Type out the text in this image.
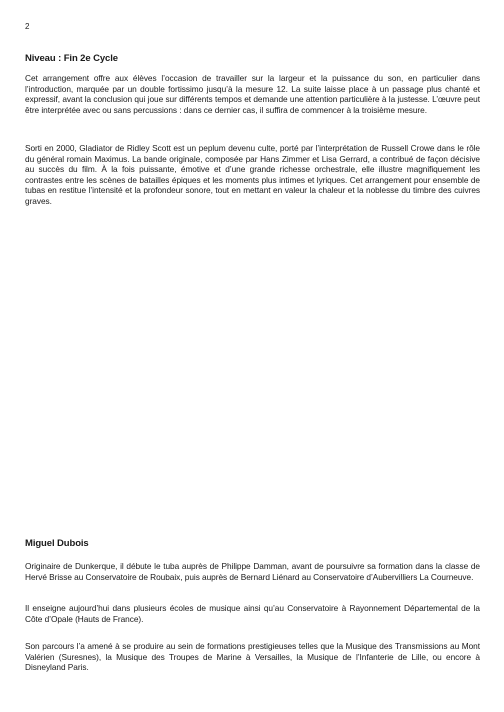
2
Niveau : Fin 2e Cycle
Cet arrangement offre aux élèves l’occasion de travailler sur la largeur et la puissance du son, en particulier dans l’introduction, marquée par un double fortissimo jusqu’à la mesure 12. La suite laisse place à un passage plus chanté et expressif, avant la conclusion qui joue sur différents tempos et demande une attention particulière à la justesse. L’œuvre peut être interprétée avec ou sans percussions : dans ce dernier cas, il suffira de commencer à la troisième mesure.
Sorti en 2000, Gladiator de Ridley Scott est un peplum devenu culte, porté par l’interprétation de Russell Crowe dans le rôle du général romain Maximus. La bande originale, composée par Hans Zimmer et Lisa Gerrard, a contribué de façon décisive au succès du film. À la fois puissante, émotive et d’une grande richesse orchestrale, elle illustre magnifiquement les contrastes entre les scènes de batailles épiques et les moments plus intimes et lyriques. Cet arrangement pour ensemble de tubas en restitue l’intensité et la profondeur sonore, tout en mettant en valeur la chaleur et la noblesse du timbre des cuivres graves.
Miguel Dubois
Originaire de Dunkerque, il débute le tuba auprès de Philippe Damman, avant de poursuivre sa formation dans la classe de Hervé Brisse au Conservatoire de Roubaix, puis auprès de Bernard Liénard au Conservatoire d’Aubervilliers La Courneuve.
Il enseigne aujourd’hui dans plusieurs écoles de musique ainsi qu’au Conservatoire à Rayonnement Départemental de la Côte d’Opale (Hauts de France).
Son parcours l’a amené à se produire au sein de formations prestigieuses telles que la Musique des Transmissions au Mont Valérien (Suresnes), la Musique des Troupes de Marine à Versailles, la Musique de l’Infanterie de Lille, ou encore à Disneyland Paris.
